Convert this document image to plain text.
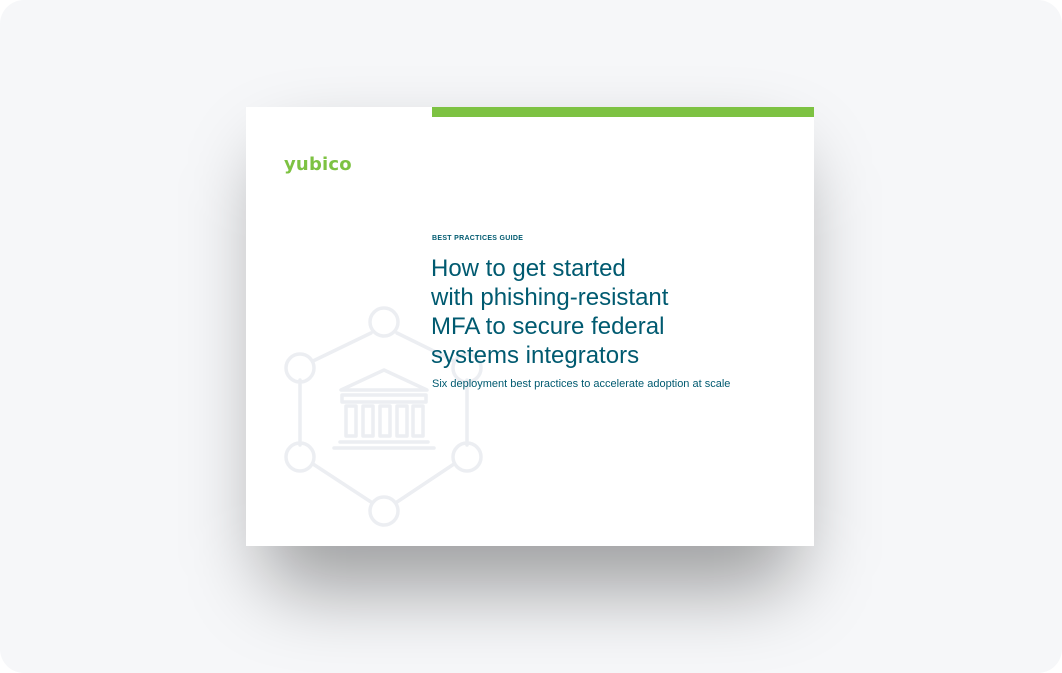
yubico
BEST PRACTICES GUIDE
How to get started
with phishing-resistant
MFA to secure federal
systems integrators
Six deployment best practices to accelerate adoption at scale
